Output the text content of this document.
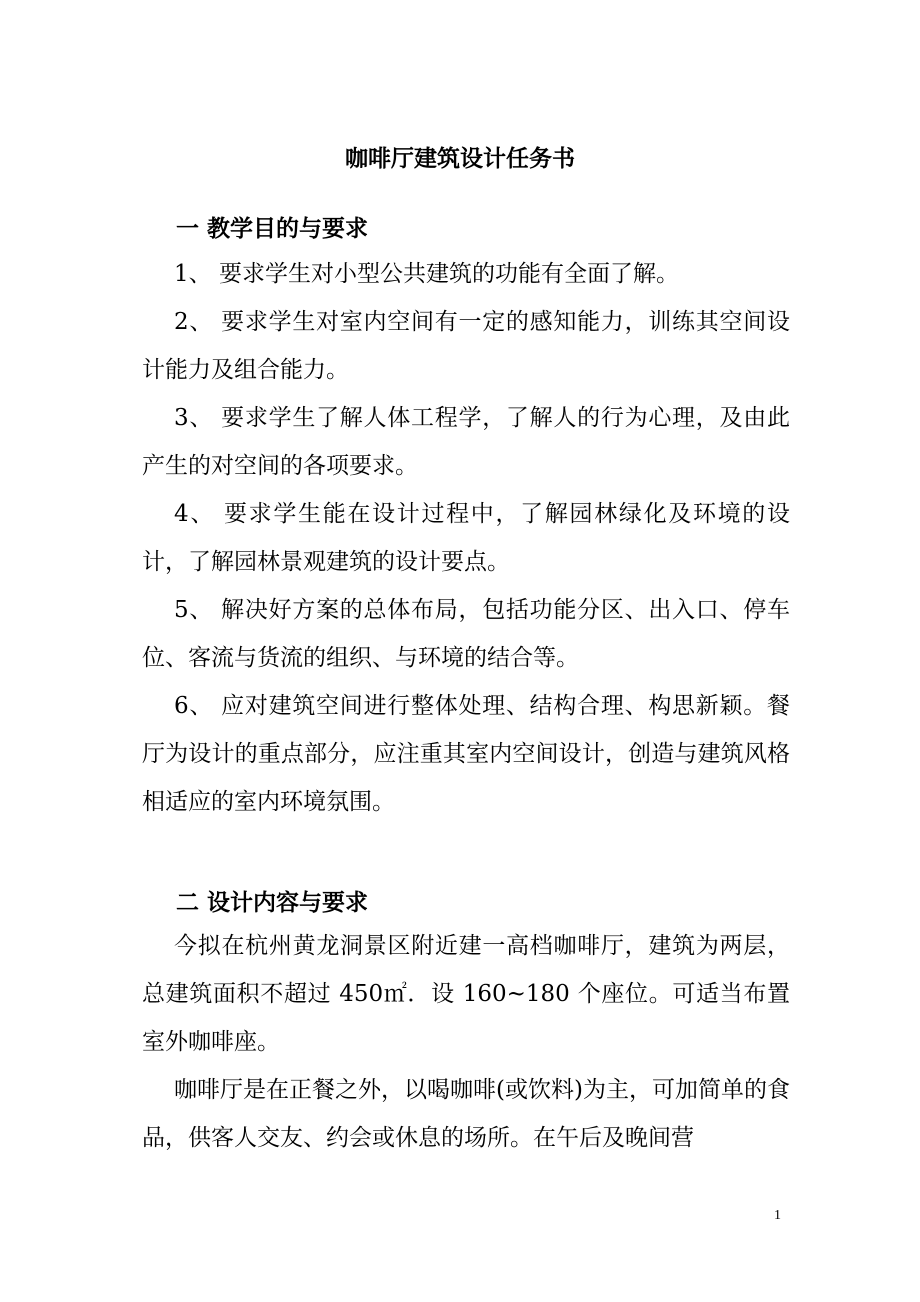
咖啡厅建筑设计任务书
一 教学目的与要求
1、 要求学生对小型公共建筑的功能有全面了解。
2、 要求学生对室内空间有一定的感知能力，训练其空间设计能力及组合能力。
3、 要求学生了解人体工程学，了解人的行为心理，及由此产生的对空间的各项要求。
4、 要求学生能在设计过程中，了解园林绿化及环境的设计，了解园林景观建筑的设计要点。
5、 解决好方案的总体布局，包括功能分区、出入口、停车位、客流与货流的组织、与环境的结合等。
6、 应对建筑空间进行整体处理、结构合理、构思新颖。餐厅为设计的重点部分，应注重其室内空间设计，创造与建筑风格相适应的室内环境氛围。
二 设计内容与要求
今拟在杭州黄龙洞景区附近建一高档咖啡厅，建筑为两层，总建筑面积不超过 450㎡．设 160~180 个座位。可适当布置室外咖啡座。
咖啡厅是在正餐之外，以喝咖啡(或饮料)为主，可加简单的食品，供客人交友、约会或休息的场所。在午后及晚间营
1
